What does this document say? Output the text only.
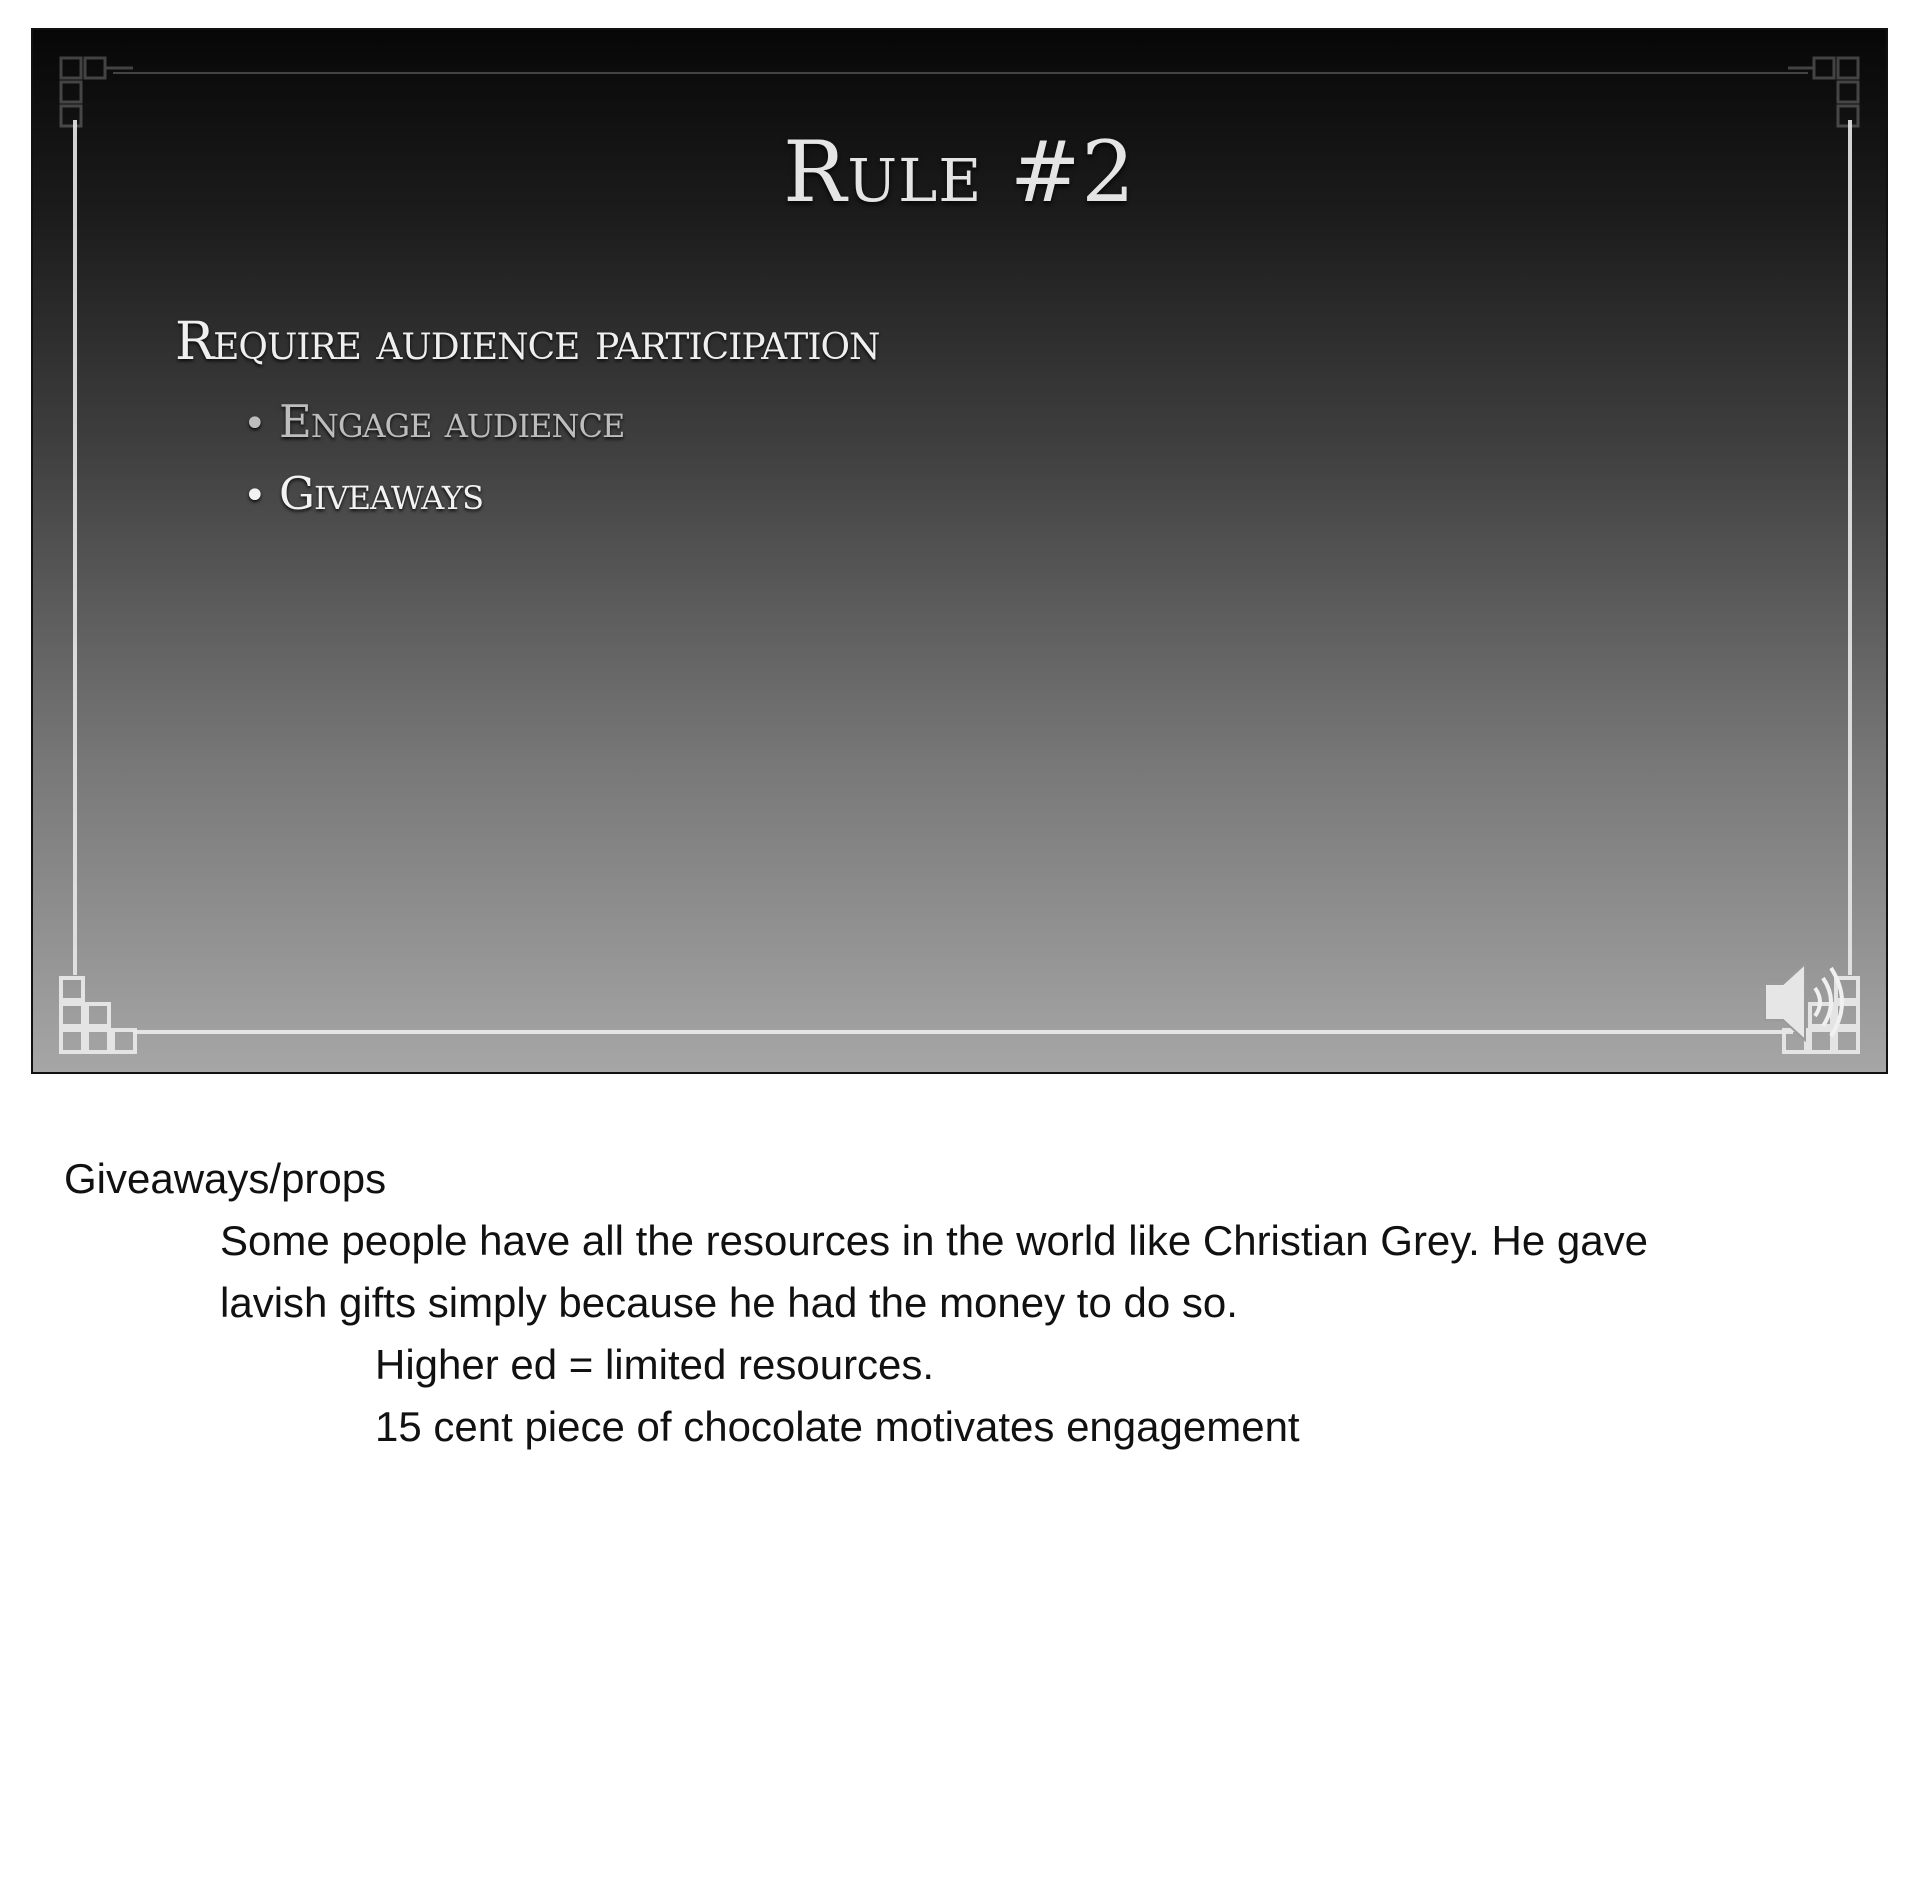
Rule #2
Require audience participation
• Engage audience
• Giveaways
Giveaways/props
Some people have all the resources in the world like Christian Grey. He gave
lavish gifts simply because he had the money to do so.
Higher ed = limited resources.
15 cent piece of chocolate motivates engagement
